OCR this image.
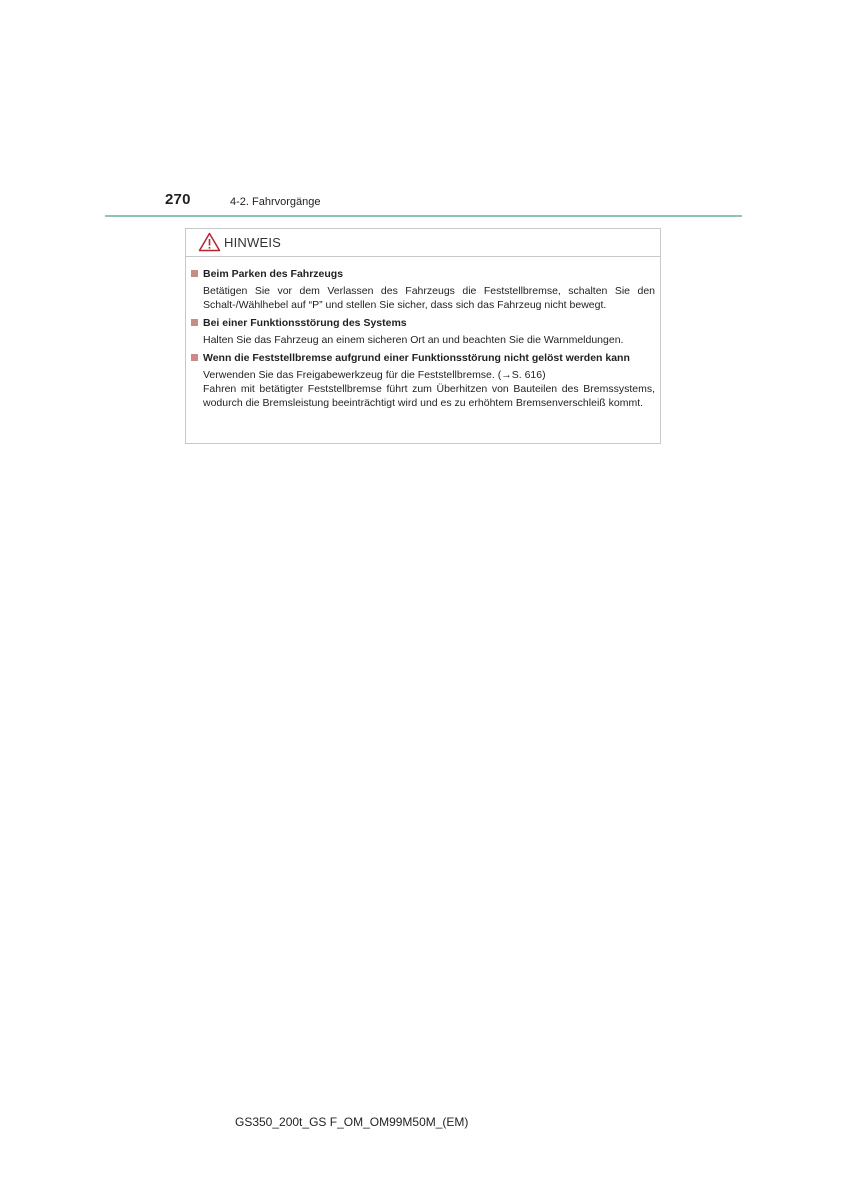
270	4-2. Fahrvorgänge
HINWEIS
Beim Parken des Fahrzeugs
Betätigen Sie vor dem Verlassen des Fahrzeugs die Feststellbremse, schalten Sie den Schalt-/Wählhebel auf “P” und stellen Sie sicher, dass sich das Fahrzeug nicht bewegt.
Bei einer Funktionsstörung des Systems
Halten Sie das Fahrzeug an einem sicheren Ort an und beachten Sie die Warnmeldungen.
Wenn die Feststellbremse aufgrund einer Funktionsstörung nicht gelöst werden kann
Verwenden Sie das Freigabewerkzeug für die Feststellbremse. (→S. 616)
Fahren mit betätigter Feststellbremse führt zum Überhitzen von Bauteilen des Bremssystems, wodurch die Bremsleistung beeinträchtigt wird und es zu erhöhtem Bremsenverschleiß kommt.
GS350_200t_GS F_OM_OM99M50M_(EM)
